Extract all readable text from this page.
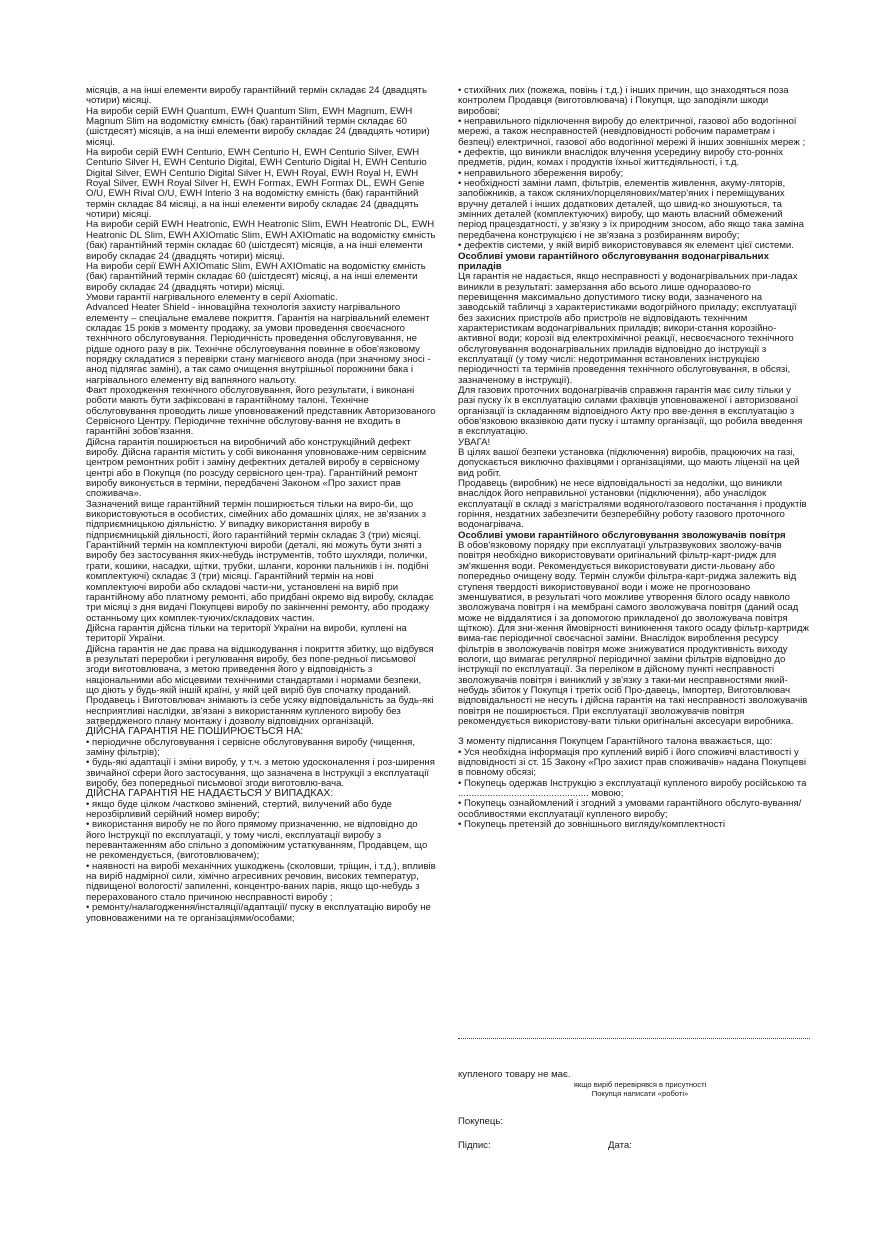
місяців, а на інші елементи виробу гарантійний термін складає 24 (двадцять чотири) місяці.

На вироби серій EWH Quantum, EWH Quantum Slim, EWH Magnum, EWH Magnum Slim на водомістку ємність (бак) гарантійний термін складає 60 (шістдесят) місяців, а на інші елементи виробу складає 24 (двадцять чотири) місяці.

На вироби серій EWH Centurio, EWH Centurio H, EWH Centurio Silver, EWH Centurio Silver H, EWH Centurio Digital, EWH Centurio Digital H, EWH Centurio Digital Silver, EWH Centurio Digital Silver H, EWH Royal, EWH Royal H, EWH Royal Silver, EWH Royal Silver H, EWH Formax, EWH Formax DL, EWH Genie O/U, EWH Rival O/U, EWH Interio 3 на водомістку ємність (бак) гарантійний термін складає 84 місяці, а на інші елементи виробу складає 24 (двадцять чотири) місяці.

На вироби серій EWH Heatronic, EWH Heatronic Slim, EWH Heatronic DL, EWH Heatronic DL Slim, EWH AXIOmatic Slim, EWH AXIOmatic на водомістку ємність (бак) гарантійний термін складає 60 (шістдесят) місяців, а на інші елементи виробу складає 24 (двадцять чотири) місяці.

На вироби серії EWH AXIOmatic Slim, EWH AXIOmatic на водомістку ємність (бак) гарантійний термін складає 60 (шістдесят) місяці, а на інші елементи виробу складає 24 (двадцять чотири) місяці.

Умови гарантії нагрівального елементу в серії Axiomatic.

Advanced Heater Shield - інноваційна технологія захисту нагрівального елементу – спеціальне емалеве покриття. Гарантія на нагрівальний елемент складає 15 років з моменту продажу, за умови проведення своєчасного технічного обслуговування. Періодичність проведення обслуговування, не рідше одного разу в рік. Технічне обслуговування повинне в обов'язковому порядку складатися з перевірки стану магнієвого анода (при значному зносі - анод підлягає заміні), а так само очищення внутрішньої порожнини бака і нагрівального елементу від вапняного нальоту.

Факт проходження технічного обслуговування, його результати, і виконані роботи мають бути зафіксовані в гарантійному талоні. Технічне обслуговування проводить лише уповноважений представник Авторизованого Сервісного Центру. Періодичне технічне обслугову-вання не входить в гарантійні зобов'язання.

Дійсна гарантія поширюється на виробничий або конструкційний дефект виробу. Дійсна гарантія містить у собі виконання уповноваже-ним сервісним центром ремонтних робіт і заміну дефектних деталей виробу в сервісному центрі або в Покупця (по розсуду сервісного цен-тра). Гарантійний ремонт виробу виконується в терміни, передбачені Законом «Про захист прав споживача».

Зазначений вище гарантійний термін поширюється тільки на виро-би, що використовуються в особистих, сімейних або домашніх цілях, не зв'язаних з підприємницькою діяльністю. У випадку використання виробу в підприємницькій діяльності, його гарантійний термін складає 3 (три) місяці. Гарантійний термін на комплектуючі вироби (деталі, які можуть бути зняті з виробу без застосування яких-небудь інструментів, тобто шухляди, полички, грати, кошики, насадки, щітки, трубки, шланги, коронки пальників і ін. подібні комплектуючі) складає 3 (три) місяці. Гарантійний термін на нові комплектуючі вироби або складові части-ни, установлені на виріб при гарантійному або платному ремонті, або придбані окремо від виробу, складає три місяці з дня видачі Покупцеві виробу по закінченні ремонту, або продажу останньому цих комплек-туючих/складових частин.

Дійсна гарантія дійсна тільки на території України на вироби, куплені на території України.

Дійсна гарантія не дає права на відшкодування і покриття збитку, що відбувся в результаті переробки і регулювання виробу, без попе-редньої письмової згоди виготовлювача, з метою приведення його у відповідність з національними або місцевими технічними стандартами і нормами безпеки, що діють у будь-якій іншій країні, у якій цей виріб був спочатку проданий.

Продавець і Виготовлювач знімають із себе усяку відповідальність за будь-які несприятливі наслідки, зв'язані з використанням купленого виробу без затвердженого плану монтажу і дозволу відповідних організацій.

ДІЙСНА ГАРАНТІЯ НЕ ПОШИРЮЄТЬСЯ НА:

• періодичне обслуговування і сервісне обслуговування виробу (чищення, заміну фільтрів);

• будь-які адаптації і зміни виробу, у т.ч. з метою удосконалення і роз-ширення звичайної сфери його застосування, що зазначена в Інструкції з експлуатації виробу, без попередньої письмової згоди виготовлю-вача.

ДІЙСНА ГАРАНТІЯ НЕ НАДАЄТЬСЯ У ВИПАДКАХ:

• якщо буде цілком /частково змінений, стертий, вилучений або буде нерозбірливий серійний номер виробу;

• використання виробу не по його прямому призначенню, не відповідно до його Інструкції по експлуатації, у тому числі, експлуатації виробу з перевантаженням або спільно з допоміжним устаткуванням, Продавцем, що не рекомендується, (виготовлювачем);

• наявності на виробі механічних ушкоджень (сколовши, тріщин, і т.д.), впливів на виріб надмірної сили, хімічно агресивних речовин, високих температур, підвищеної вологості/ запиленні, концентро-ваних парів, якщо що-небудь з перерахованого стало причиною несправності виробу ;

• ремонту/налагодження/інсталяції/адаптації/ пуску в експлуатацію виробу не уповноваженими на те організаціями/особами;

• стихійних лих (пожежа, повінь і т.д.) і інших причин, що знаходяться поза контролем Продавця (виготовлювача) і Покупця, що заподіяли шкоди виробові;

• неправильного підключення виробу до електричної, газової або водогінної мережі, а також несправностей (невідповідності робочим параметрам і безпеці) електричної, газової або водогінної мережі й інших зовнішніх мереж ;

• дефектів, що виникли внаслідок влучення усередину виробу сто-ронніх предметів, рідин, комах і продуктів їхньої життєдіяльності, і т.д.

• неправильного збереження виробу;

• необхідності заміни ламп, фільтрів, елементів живлення, акуму-ляторів, запобіжників, а також скляних/порцелянових/матер'яних і переміщуваних вручну деталей і інших додаткових деталей, що швид-ко зношуються, та змінних деталей (комплектуючих) виробу, що мають власний обмежений період працездатності, у зв'язку з їх природним зносом, або якщо така заміна передбачена конструкцією і не зв'язана з розбиранням виробу;

• дефектів системи, у якій виріб використовувався як елемент цієї системи.

Особливі умови гарантійного обслуговування водонагрівальних приладів

Ця гарантія не надається, якщо несправності у водонагрівальних при-ладах виникли в результаті: замерзання або всього лише одноразово-го перевищення максимально допустимого тиску води, зазначеного на заводській табличці з характеристиками водогрійного приладу; експлуатації без захисних пристроїв або пристроїв не відповідають технічним характеристикам водонагрівальних приладів; викори-стання корозійно-активної води; корозії від електрохімічної реакції, несвоєчасного технічного обслуговування водонагрівальних приладів відповідно до інструкції з експлуатації (у тому числі: недотримання встановлених інструкцією періодичності та термінів проведення технічного обслуговування, в обсязі, зазначеному в інструкції).

Для газових проточних водонагрівачів справжня гарантія має силу тільки у разі пуску їх в експлуатацію силами фахівців уповноваженої і авторизованої організації із складанням відповідного Акту про вве-дення в експлуатацію з обов'язковою вказівкою дати пуску і штампу організації, що робила введення в експлуатацію.

УВАГА!

В цілях вашої безпеки установка (підключення) виробів, працюючих на газі, допускається виключно фахівцями і організаціями, що мають ліцензії на цей вид робіт.

Продавець (виробник) не несе відповідальності за недоліки, що виникли внаслідок його неправильної установки (підключення), або унаслідок експлуатації в складі з магістралями водяного/газового постачання і продуктів горіння, нездатних забезпечити безперебійну роботу газового проточного водонагрівача.

Особливі умови гарантійного обслуговування зволожувачів повітря

В обов'язковому порядку при експлуатації ультразвукових зволожу-вачів повітря необхідно використовувати оригінальний фільтр-карт-ридж для зм'якшення води. Рекомендується використовувати дисти-льовану або попередньо очищену воду. Термін служби фільтра-карт-риджа залежить від ступеня твердості використовуваної води і може не прогнозовано зменшуватися, в результаті чого можливе утворення білого осаду навколо зволожувача повітря і на мембрані самого зволожувача повітря (даний осад може не віддалятися і за допомогою прикладеної до зволожувача повітря щіткою). Для зни-ження ймовірності виникнення такого осаду фільтр-картридж вима-гає періодичної своєчасної заміни. Внаслідок вироблення ресурсу фільтрів в зволожувачів повітря може знижуватися продуктивність виходу вологи, що вимагає регулярної періодичної заміни фільтрів відповідно до інструкції по експлуатації. За переліком в дійсному пункті несправності зволожувачів повітря і виниклий у зв'язку з таки-ми несправностями який-небудь збиток у Покупця і третіх осіб Про-давець, Імпортер, Виготовлювач відповідальності не несуть і дійсна гарантія на такі несправності зволожувачів повітря не поширюється. При експлуатації зволожувачів повітря рекомендується використову-вати тільки оригінальні аксесуари виробника.

З моменту підписання Покупцем Гарантійного талона вважається, що:

• Уся необхідна інформація про куплений виріб і його споживчі властивості у відповідності зі ст. 15 Закону «Про захист прав споживачів» надана Покупцеві в повному обсязі;

• Покупець одержав Інструкцію з експлуатації купленого виробу російською та ................................................. мовою;

• Покупець ознайомлений і згодний з умовами гарантійного обслуго-вування/особливостями експлуатації купленого виробу;

• Покупець претензій до зовнішнього вигляду/комплектності

купленого товару не має.
якщо виріб перевірявся в присутності
Покупця написати «роботі»
Покупець:
Підпис:	Дата:
